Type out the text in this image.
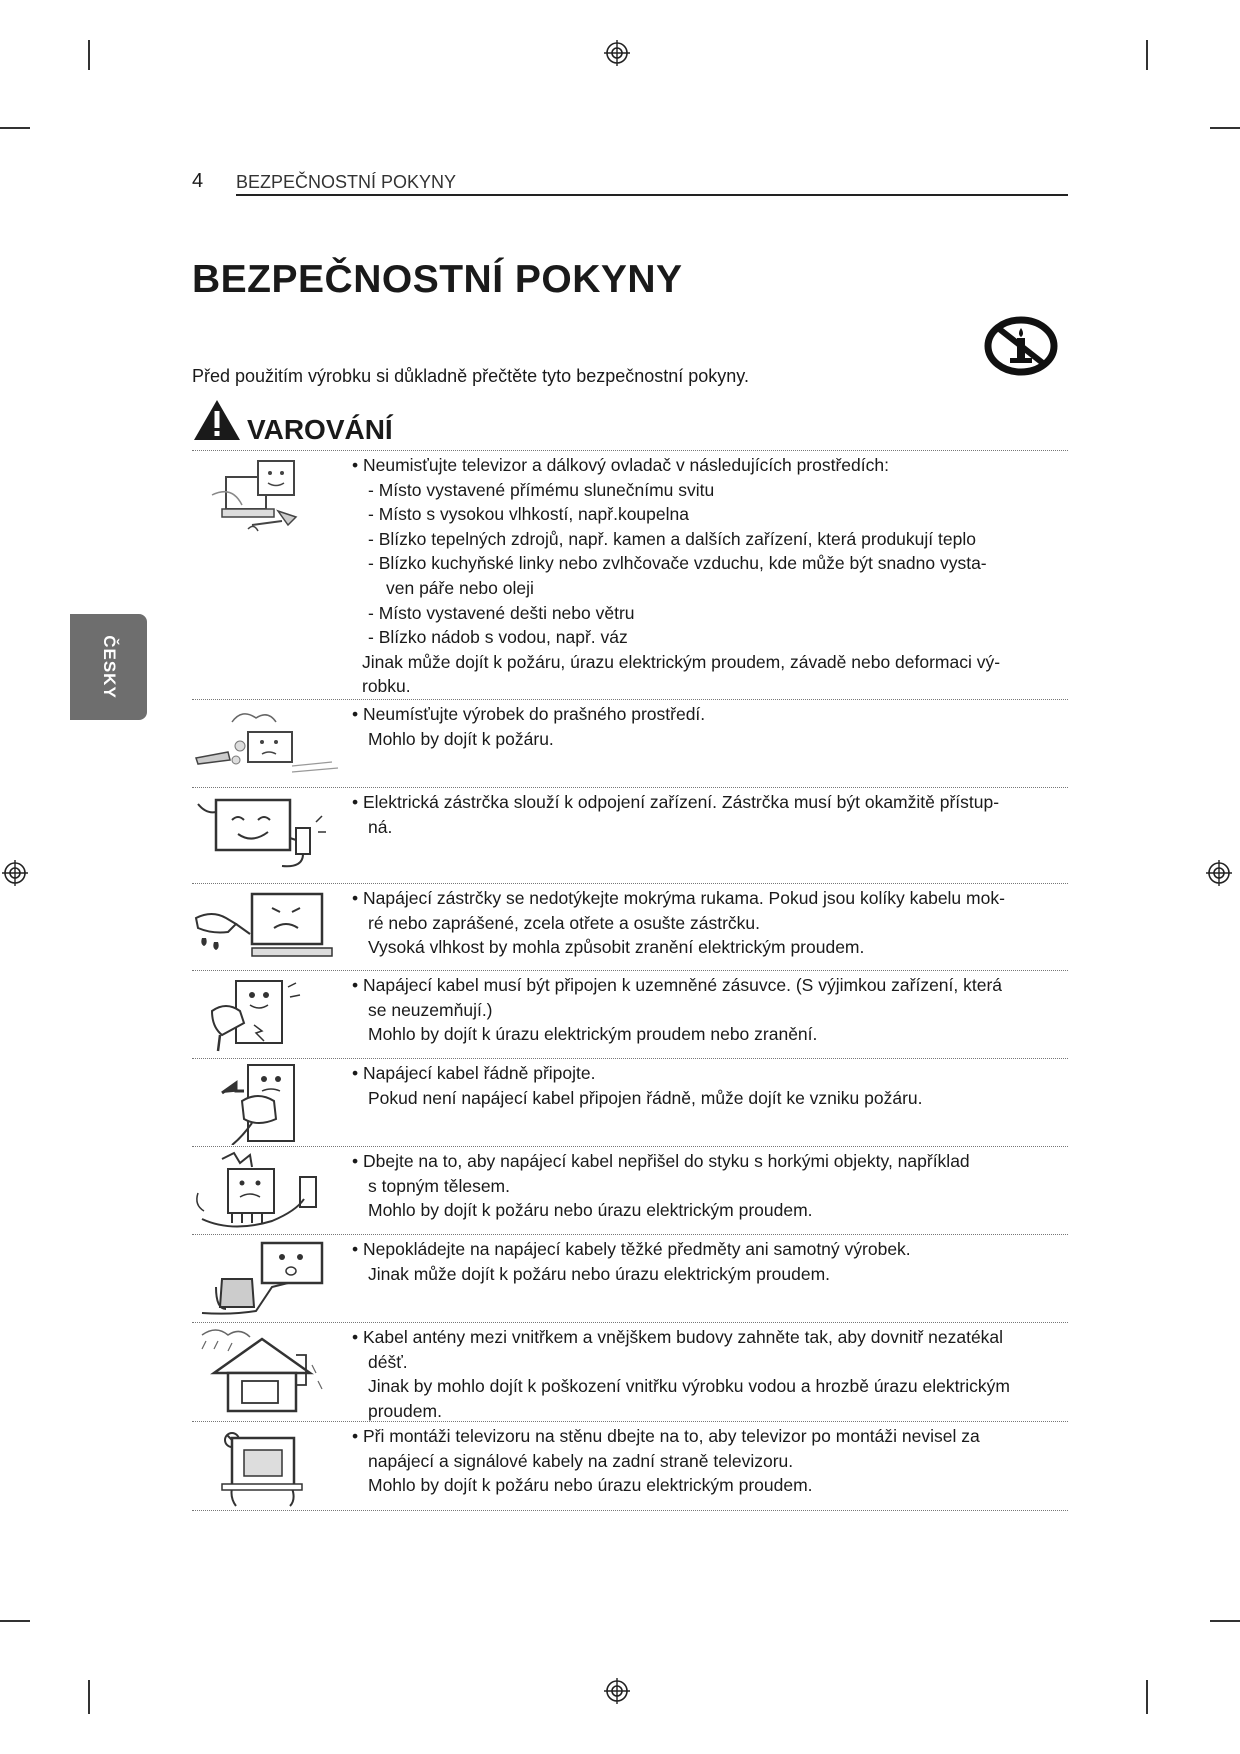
4 BEZPEČNOSTNÍ POKYNY
BEZPEČNOSTNÍ POKYNY
Před použitím výrobku si důkladně přečtěte tyto bezpečnostní pokyny.
VAROVÁNÍ
ČESKY
• Neumisťujte televizor a dálkový ovladač v následujících prostředích:
- Místo vystavené přímému slunečnímu svitu
- Místo s vysokou vlhkostí, např.koupelna
- Blízko tepelných zdrojů, např. kamen a dalších zařízení, která produkují teplo
- Blízko kuchyňské linky nebo zvlhčovače vzduchu, kde může být snadno vysta-
ven páře nebo oleji
- Místo vystavené dešti nebo větru
- Blízko nádob s vodou, např. váz
Jinak může dojít k požáru, úrazu elektrickým proudem, závadě nebo deformaci vý-
robku.
• Neumísťujte výrobek do prašného prostředí.
Mohlo by dojít k požáru.
• Elektrická zástrčka slouží k odpojení zařízení. Zástrčka musí být okamžitě přístup-
ná.
• Napájecí zástrčky se nedotýkejte mokrýma rukama. Pokud jsou kolíky kabelu mok-
ré nebo zaprášené, zcela otřete a osušte zástrčku.
Vysoká vlhkost by mohla způsobit zranění elektrickým proudem.
• Napájecí kabel musí být připojen k uzemněné zásuvce. (S výjimkou zařízení, která
se neuzemňují.)
Mohlo by dojít k úrazu elektrickým proudem nebo zranění.
• Napájecí kabel řádně připojte.
Pokud není napájecí kabel připojen řádně, může dojít ke vzniku požáru.
• Dbejte na to, aby napájecí kabel nepřišel do styku s horkými objekty, například
s topným tělesem.
Mohlo by dojít k požáru nebo úrazu elektrickým proudem.
• Nepokládejte na napájecí kabely těžké předměty ani samotný výrobek.
Jinak může dojít k požáru nebo úrazu elektrickým proudem.
• Kabel antény mezi vnitřkem a vnějškem budovy zahněte tak, aby dovnitř nezatékal
déšť.
Jinak by mohlo dojít k poškození vnitřku výrobku vodou a hrozbě úrazu elektrickým
proudem.
• Při montáži televizoru na stěnu dbejte na to, aby televizor po montáži nevisel za
napájecí a signálové kabely na zadní straně televizoru.
Mohlo by dojít k požáru nebo úrazu elektrickým proudem.
